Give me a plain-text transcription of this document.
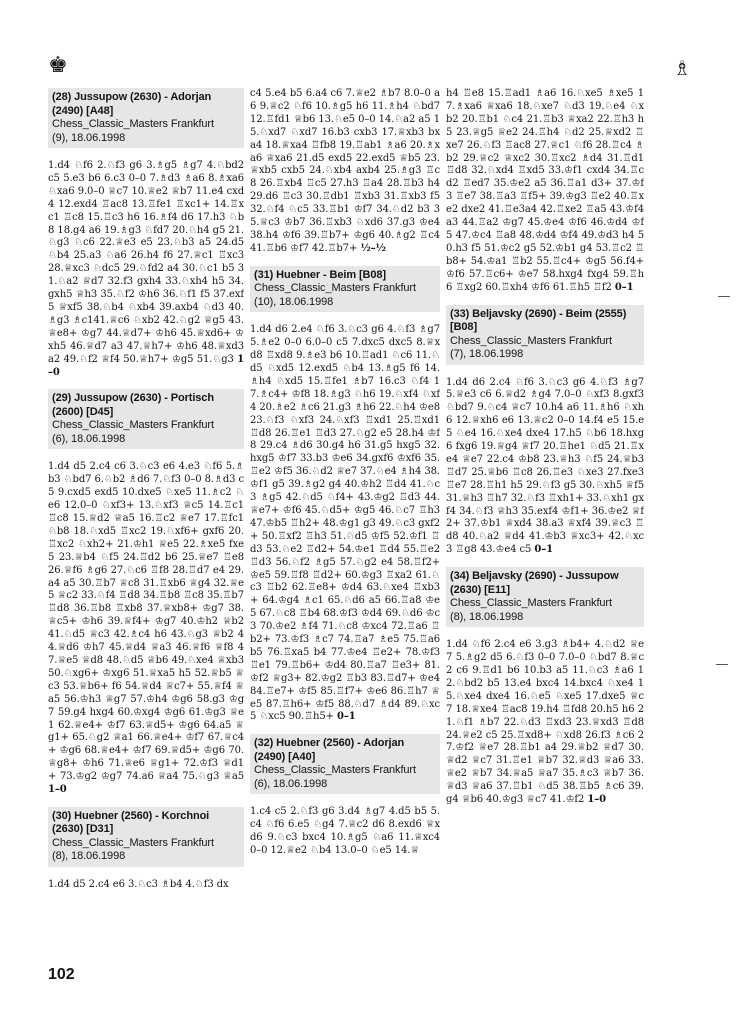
♚	♗
(28) Jussupow (2630) - Adorjan (2490) [A48]
Chess_Classic_Masters Frankfurt
(9), 18.06.1998
1.d4 ♘f6 2.♘f3 g6 3.♗g5 ♗g7 4.♘bd2 c5 5.e3 b6 6.c3 0–0 7.♗d3 ♗a6 8.♗xa6 ♘xa6 9.0–0 ♕c7 10.♕e2 ♕b7 11.e4 cxd4 12.exd4 ♖ac8 13.♖fe1 ♖xc1+ 14.♖xc1 ♖c8 15.♖c3 h6 16.♗f4 d6 17.h3 ♘b8 18.g4 a6 19.♗g3 ♘fd7 20.♘h4 g5 21.♘g3 ♘c6 22.♕e3 e5 23.♘b3 a5 24.d5 ♘b4 25.a3 ♘a6 26.h4 f6 27.♕c1 ♖xc3 28.♕xc3 ♘dc5 29.♘fd2 a4 30.♘c1 b5 31.♘a2 ♕d7 32.f3 gxh4 33.♘xh4 h5 34.gxh5 ♕h3 35.♘f2 ♔h6 36.♘f1 f5 37.exf5 ♕xf5 38.♘b4 ♘xb4 39.axb4 ♘d3 40.♗g3 ♗c141.♕c6 ♘xb2 42.♘g2 ♕g5 43.♕e8+ ♔g7 44.♕d7+ ♔h6 45.♕xd6+ ♔xh5 46.♕d7 a3 47.♕h7+ ♔h6 48.♕xd3 a2 49.♘f2 ♕f4 50.♕h7+ ♔g5 51.♘g3 1–0
(29) Jussupow (2630) - Portisch (2600) [D45]
Chess_Classic_Masters Frankfurt
(6), 18.06.1998
1.d4 d5 2.c4 c6 3.♘c3 e6 4.e3 ♘f6 5.♗b3 ♘bd7 6.♘b2 ♗d6 7.♘f3 0–0 8.♗d3 c5 9.cxd5 exd5 10.dxe5 ♘xe5 11.♗c2 ♘e6 12.0–0 ♘xf3+ 13.♘xf3 ♕c5 14.♖c1 ♖c8 15.♕d2 ♕a5 16.♖c2 ♕e7 17.♖fc1 ♘b8 18.♘xd5 ♖xc2 19.♘xf6+ gxf6 20.♖xc2 ♘xh2+ 21.♔h1 ♕e5 22.♗xe5 fxe5 23.♕b4 ♘f5 24.♖d2 b6 25.♕e7 ♖e8 26.♕f6 ♗g6 27.♘c6 ♖f8 28.♖d7 e4 29.a4 a5 30.♖b7 ♕c8 31.♖xb6 ♕g4 32.♕e5 ♕c2 33.♘f4 ♖d8 34.♖b8 ♖c8 35.♖b7 ♖d8 36.♖b8 ♖xb8 37.♕xb8+ ♔g7 38.♕c5+ ♔h6 39.♕f4+ ♔g7 40.♔h2 ♕b2 41.♘d5 ♕c3 42.♗c4 h6 43.♘g3 ♕b2 44.♕d6 ♔h7 45.♕d4 ♕a3 46.♕f6 ♕f8 47.♕e5 ♕d8 48.♘d5 ♕b6 49.♘xe4 ♕xb3 50.♘xg6+ ♔xg6 51.♕xa5 h5 52.♕b5 ♕c3 53.♕b6+ f6 54.♕d4 ♕c7+ 55.♕f4 ♕a5 56.♔h3 ♕g7 57.♔h4 ♔g6 58.g3 ♔g7 59.g4 hxg4 60.♔xg4 ♔g6 61.♔g3 ♕e1 62.♕e4+ ♔f7 63.♕d5+ ♔g6 64.a5 ♕g1+ 65.♘g2 ♕a1 66.♕e4+ ♔f7 67.♕c4+ ♔g6 68.♕e4+ ♔f7 69.♕d5+ ♔g6 70.♕g8+ ♔h6 71.♕e6 ♕g1+ 72.♔f3 ♕d1+ 73.♔g2 ♔g7 74.a6 ♕a4 75.♘g3 ♕a5 1–0
(30) Huebner (2560) - Korchnoi (2630) [D31]
Chess_Classic_Masters Frankfurt
(8), 18.06.1998
1.d4 d5 2.c4 e6 3.♘c3 ♗b4 4.♘f3 dx
c4 5.e4 b5 6.a4 c6 7.♕e2 ♗b7 8.0–0 a6 9.♕c2 ♘f6 10.♗g5 h6 11.♗h4 ♘bd7 12.♖fd1 ♕b6 13.♘e5 0–0 14.♘a2 a5 15.♘xd7 ♘xd7 16.b3 cxb3 17.♕xb3 bxa4 18.♕xa4 ♖fb8 19.♖ab1 ♗a6 20.♗xa6 ♕xa6 21.d5 exd5 22.exd5 ♕b5 23.♕xb5 cxb5 24.♘xb4 axb4 25.♗g3 ♖c8 26.♖xb4 ♖c5 27.h3 ♖a4 28.♖b3 h4 29.d6 ♖c3 30.♖db1 ♖xb3 31.♖xb3 f5 32.♘f4 ♘c5 33.♖b1 ♔f7 34.♘d2 b3 35.♕c3 ♔b7 36.♖xb3 ♘xd6 37.g3 ♔e4 38.h4 ♔f6 39.♖b7+ ♔g6 40.♗g2 ♖c4 41.♖b6 ♔f7 42.♖b7+ ½–½
(31) Huebner - Beim [B08]
Chess_Classic_Masters Frankfurt
(10), 18.06.1998
1.d4 d6 2.e4 ♘f6 3.♘c3 g6 4.♘f3 ♗g7 5.♗e2 0–0 6.0–0 c5 7.dxc5 dxc5 8.♕xd8 ♖xd8 9.♗e3 b6 10.♖ad1 ♘c6 11.♘d5 ♘xd5 12.exd5 ♘b4 13.♗g5 f6 14.♗h4 ♘xd5 15.♖fe1 ♗b7 16.c3 ♘f4 17.♗c4+ ♔f8 18.♗g3 ♘h6 19.♘xf4 ♘xf4 20.♗e2 ♗c6 21.g3 ♗h6 22.♘h4 ♔e8 23.♘f3 ♘xf3 24.♘xf3 ♖xd1 25.♖xd1 ♖d8 26.♖e1 ♖d3 27.♘g2 e5 28.h4 ♔f8 29.c4 ♗d6 30.g4 h6 31.g5 hxg5 32.hxg5 ♔f7 33.b3 ♔e6 34.gxf6 ♔xf6 35.♖e2 ♔f5 36.♘d2 ♕e7 37.♘e4 ♗h4 38.♔f1 g5 39.♗g2 g4 40.♔h2 ♖d4 41.♘c3 ♗g5 42.♘d5 ♘f4+ 43.♔g2 ♖d3 44.♕e7+ ♔f6 45.♘d5+ ♔g5 46.♘c7 ♖h3 47.♔b5 ♖h2+ 48.♔g1 g3 49.♘c3 gxf2+ 50.♖xf2 ♖h3 51.♘d5 ♔f5 52.♔f1 ♖d3 53.♘e2 ♖d2+ 54.♔e1 ♖d4 55.♖e2 ♖d3 56.♘f2 ♗g5 57.♘g2 e4 58.♖f2+ ♔e5 59.♖f8 ♖d2+ 60.♔g3 ♖xa2 61.♘c3 ♖b2 62.♖e8+ ♔d4 63.♘xe4 ♖xb3+ 64.♔g4 ♗c1 65.♘d6 a5 66.♖a8 ♔e5 67.♘c8 ♖b4 68.♔f3 ♔d4 69.♘d6 ♔c3 70.♔e2 ♗f4 71.♘c8 ♔xc4 72.♖a6 ♖b2+ 73.♔f3 ♗c7 74.♖a7 ♗e5 75.♖a6 b5 76.♖xa5 b4 77.♔e4 ♖e2+ 78.♔f3 ♖e1 79.♖b6+ ♔d4 80.♖a7 ♖e3+ 81.♔f2 ♕g3+ 82.♔g2 ♖b3 83.♖d7+ ♔e4 84.♖e7+ ♔f5 85.♖f7+ ♔e6 86.♖h7 ♕e5 87.♖h6+ ♔f5 88.♘d7 ♗d4 89.♘xc5 ♘xc5 90.♖h5+ 0–1
(32) Huebner (2560) - Adorjan (2490) [A40]
Chess_Classic_Masters Frankfurt
(6), 18.06.1998
1.c4 c5 2.♘f3 g6 3.d4 ♗g7 4.d5 b5 5.c4 ♘f6 6.e5 ♘g4 7.♕c2 d6 8.exd6 ♕xd6 9.♘c3 bxc4 10.♗g5 ♘a6 11.♕xc4 0–0 12.♕e2 ♘b4 13.0–0 ♘e5 14.♕
h4 ♖e8 15.♖ad1 ♗a6 16.♘xe5 ♗xe5 17.♗xa6 ♕xa6 18.♘xe7 ♘d3 19.♘e4 ♘xb2 20.♖b1 ♘c4 21.♖b3 ♕xa2 22.♖h3 h5 23.♕g5 ♕e2 24.♖h4 ♘d2 25.♕xd2 ♖xe7 26.♘f3 ♖ac8 27.♕c1 ♘f6 28.♖c4 ♗b2 29.♕c2 ♕xc2 30.♖xc2 ♗d4 31.♖d1 ♖d8 32.♘xd4 ♖xd5 33.♔f1 cxd4 34.♖cd2 ♖ed7 35.♔e2 a5 36.♖a1 d3+ 37.♔f3 ♖e7 38.♖a3 ♖f5+ 39.♔g3 ♖e2 40.♖xe2 dxe2 41.♖e3a4 42.♖xe2 ♖a5 43.♔f4 a3 44.♖a2 ♔g7 45.♔e4 ♔f6 46.♔d4 ♔f5 47.♔c4 ♖a8 48.♔d4 ♔f4 49.♔d3 h4 50.h3 f5 51.♔c2 g5 52.♔b1 g4 53.♖c2 ♖b8+ 54.♔a1 ♖b2 55.♖c4+ ♔g5 56.f4+ ♔f6 57.♖c6+ ♔e7 58.hxg4 fxg4 59.♖h6 ♖xg2 60.♖xh4 ♔f6 61.♖h5 ♖f2 0–1
(33) Beljavsky (2690) - Beim (2555) [B08]
Chess_Classic_Masters Frankfurt
(7), 18.06.1998
1.d4 d6 2.c4 ♘f6 3.♘c3 g6 4.♘f3 ♗g7 5.♕e3 c6 6.♕d2 ♗g4 7.0–0 ♘xf3 8.gxf3 ♘bd7 9.♘c4 ♕c7 10.h4 a6 11.♗h6 ♘xh6 12.♕xh6 e6 13.♕c2 0–0 14.f4 e5 15.e5 ♘e4 16.♘xe4 dxe4 17.h5 ♘b6 18.hxg6 fxg6 19.♕g4 ♕f7 20.♖he1 ♘d5 21.♖xe4 ♕e7 22.c4 ♔b8 23.♕h3 ♘f5 24.♕b3 ♖d7 25.♕b6 ♖c8 26.♖e3 ♘xe3 27.fxe3 ♖e7 28.♖h1 h5 29.♘f3 g5 30.♘xh5 ♕f5 31.♕h3 ♖h7 32.♘f3 ♖xh1+ 33.♘xh1 gxf4 34.♘f3 ♕h3 35.exf4 ♔f1+ 36.♔e2 ♕f2+ 37.♔b1 ♕xd4 38.a3 ♕xf4 39.♕c3 ♖d8 40.♘a2 ♕d4 41.♔b3 ♕xc3+ 42.♘xc3 ♖g8 43.♔e4 c5 0–1
(34) Beljavsky (2690) - Jussupow (2630) [E11]
Chess_Classic_Masters Frankfurt
(8), 18.06.1998
1.d4 ♘f6 2.c4 e6 3.g3 ♗b4+ 4.♘d2 ♕e7 5.♗g2 d5 6.♘f3 0–0 7.0–0 ♘bd7 8.♕c2 c6 9.♖d1 b6 10.b3 a5 11.♘c3 ♗a6 12.♘bd2 b5 13.e4 bxc4 14.bxc4 ♘xe4 15.♘xe4 dxe4 16.♘e5 ♘xe5 17.dxe5 ♕c7 18.♕xe4 ♖ac8 19.h4 ♖fd8 20.h5 h6 21.♘f1 ♗b7 22.♘d3 ♖xd3 23.♕xd3 ♖d8 24.♕e2 c5 25.♖xd8+ ♘xd8 26.f3 ♗c6 27.♔f2 ♕e7 28.♖b1 a4 29.♕b2 ♕d7 30.♕d2 ♕c7 31.♖e1 ♕b7 32.♕d3 ♕a6 33.♕e2 ♕b7 34.♕a5 ♕a7 35.♗c3 ♕b7 36.♕d3 ♕a6 37.♖b1 ♘d5 38.♖b5 ♗c6 39.g4 ♕b6 40.♔g3 ♕c7 41.♔f2 1–0
102
